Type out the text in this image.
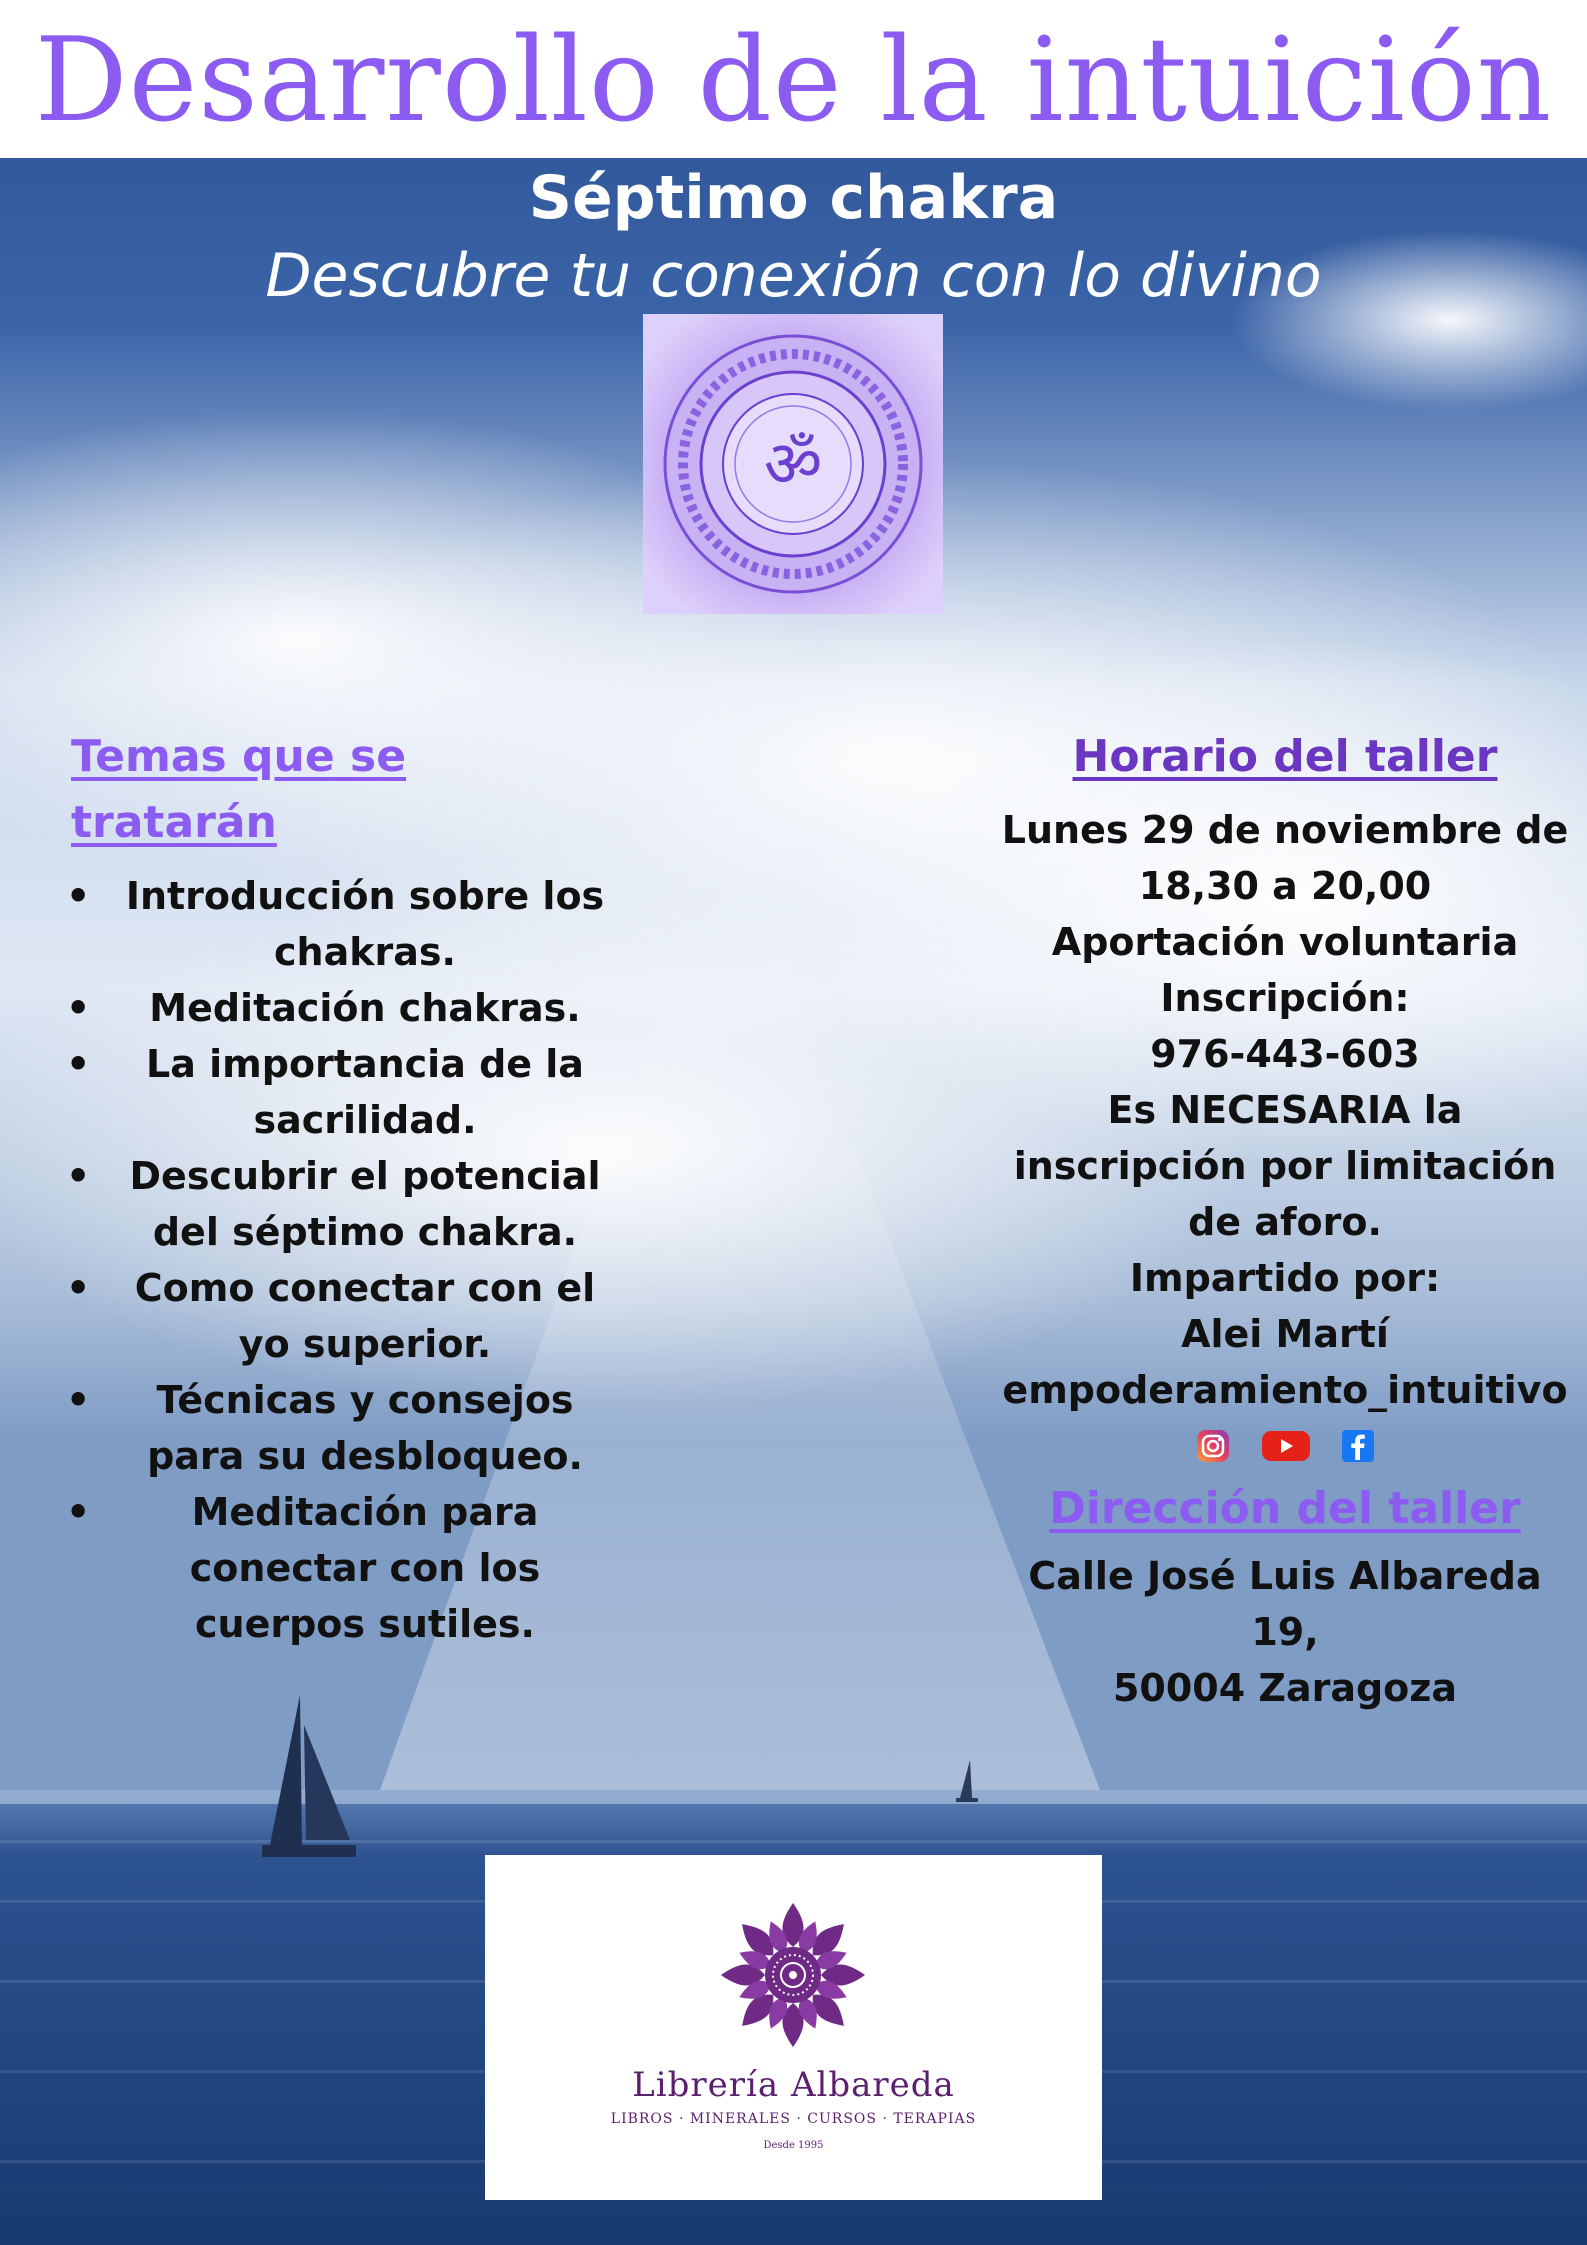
Desarrollo de la intuición
Séptimo chakra
Descubre tu conexión con lo divino
ॐ
Temas que se tratarán
• Introducción sobre los chakras.
• Meditación chakras.
• La importancia de la sacrilidad.
• Descubrir el potencial del séptimo chakra.
• Como conectar con el yo superior.
• Técnicas y consejos para su desbloqueo.
• Meditación para conectar con los cuerpos sutiles.
Horario del taller
Lunes 29 de noviembre de 18,30 a 20,00
Aportación voluntaria
Inscripción:
976-443-603
Es NECESARIA la inscripción por limitación de aforo.
Impartido por:
Alei Martí
empoderamiento_intuitivo
Dirección del taller
Calle José Luis Albareda 19,
50004 Zaragoza
Librería Albareda
LIBROS · MINERALES · CURSOS · TERAPIAS
Desde 1995
